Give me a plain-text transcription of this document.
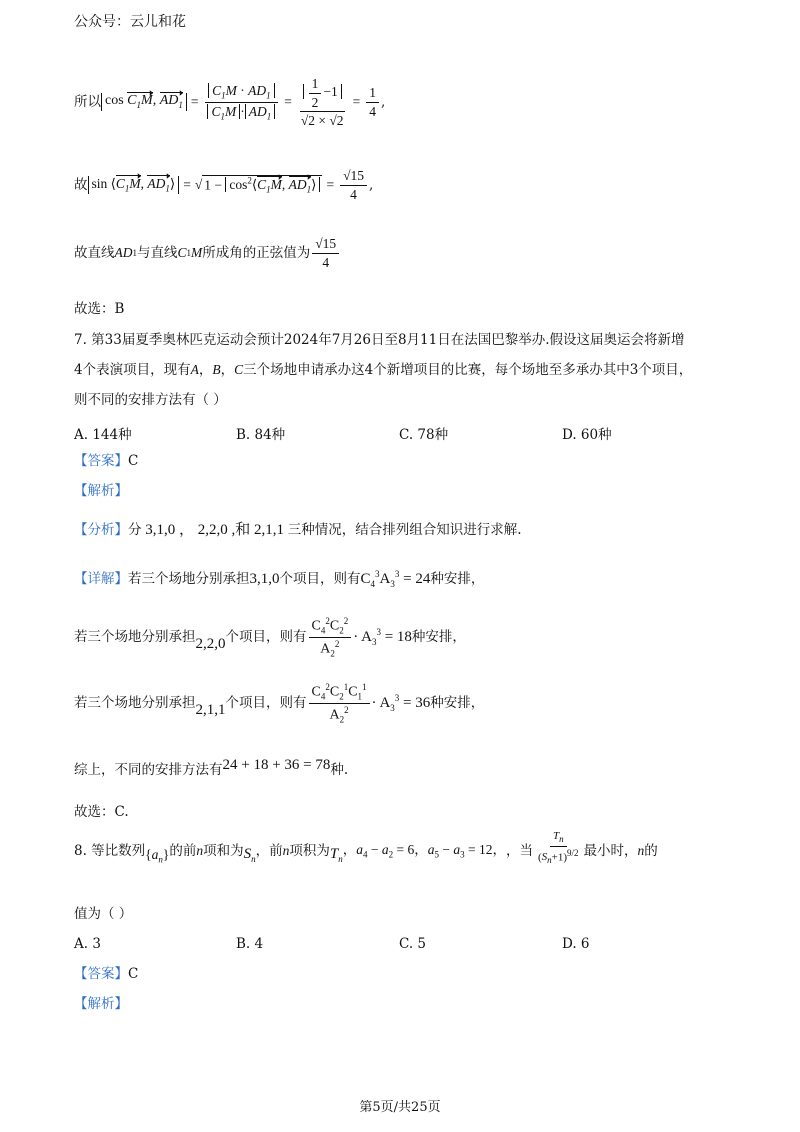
公众号：云儿和花
所以 $\cos C_1M$, $AD_1 = \frac{C_1M \cdot AD_1}{C_1M \cdot AD_1} = \frac{\frac{1}{2} -1}{√2 \times √2} = \frac{1}{4}$ ,
故 $\sin ⟨C_1M$, $AD_1⟩$ = √ $1 - \cos^2⟨C_1M$, $AD_1⟩ = \frac{√15}{4}$ ,
故直线 AD 1 与直线 C 1 M 所成角的正弦值为 $\frac{√15}{4}$
故选：B
7. 第33届夏季奥林匹克运动会预计2024年7月26日至8月11日在法国巴黎举办.假设这届奥运会将新增
4个表演项目，现有A，B，C三个场地申请承办这4个新增项目的比赛，每个场地至多承办其中3个项目，
则不同的安排方法有（ ）
A. 144种	B. 84种	C. 78种	D. 60种
【答案】C
【解析】
【分析】分 3,1,0 ， 2,2,0 ,和 2,1,1 三种情况，结合排列组合知识进行求解.
【详解】 若三个场地分别承担 3,1,0 个项目，则有 $C_4^3A_3^3 = 24$ 种安排，
若三个场地分别承担 2,2,0 个项目，则有 $\frac{C_4^2C_2^2}{A_2^2} \cdot A_3^3 = 18$ 种安排，
若三个场地分别承担 2,1,1 个项目，则有 $\frac{C_4^2C_2^1C_1^1}{A_2^2} \cdot A_3^3 = 36$ 种安排，
综上，不同的安排方法有 24 + 18 + 36 = 78 种.
故选：C.
8. 等比数列 $\{a_n\}$ 的前 n 项和为 $S_n$
，前 n 项积为 $T_n$
，$a_4 - a_2 = 6$，$a_5 - a_3 = 12$， ，当 $\frac{T_n}{(S_n+1)^{9/2}}$ 最小时， n 的
值为（ ）
A. 3	B. 4	C. 5	D. 6
【答案】C
【解析】
第5页/共25页
